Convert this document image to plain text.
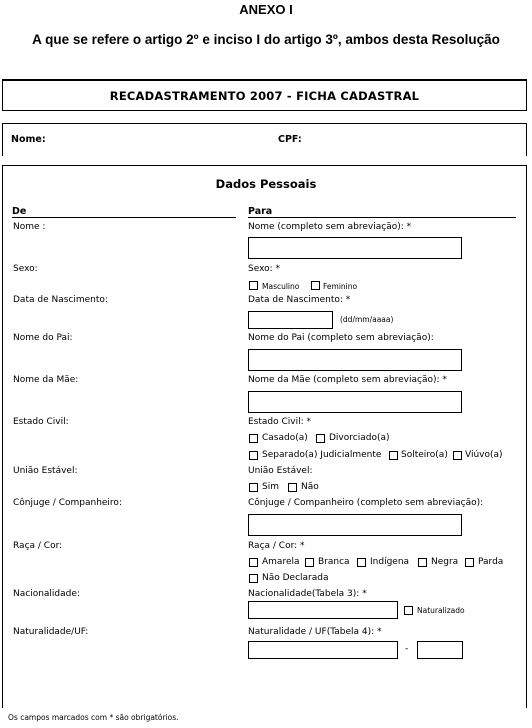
ANEXO I
A que se refere o artigo 2º e inciso I do artigo 3º, ambos desta Resolução
RECADASTRAMENTO 2007 - FICHA CADASTRAL
Nome:	CPF:
Dados Pessoais
De	Para
Nome :	Nome (completo sem abreviação): *
Sexo:	Sexo: *
Masculino	Feminino
Data de Nascimento:	Data de Nascimento: *
(dd/mm/aaaa)
Nome do Pai:	Nome do Pai (completo sem abreviação):
Nome da Mãe:	Nome da Mãe (completo sem abreviação): *
Estado Civil:	Estado Civil: *
Casado(a) Divorciado(a)
Separado(a) Judicialmente Solteiro(a) Viúvo(a)
União Estável:	União Estável:
Sim Não
Cônjuge / Companheiro:	Cônjuge / Companheiro (completo sem abreviação):
Raça / Cor:	Raça / Cor: *
Amarela Branca Indígena Negra Parda
Não Declarada
Nacionalidade:	Nacionalidade(Tabela 3): *
Naturalizado
Naturalidade/UF:	Naturalidade / UF(Tabela 4): *
-
Os campos marcados com * são obrigatórios.
